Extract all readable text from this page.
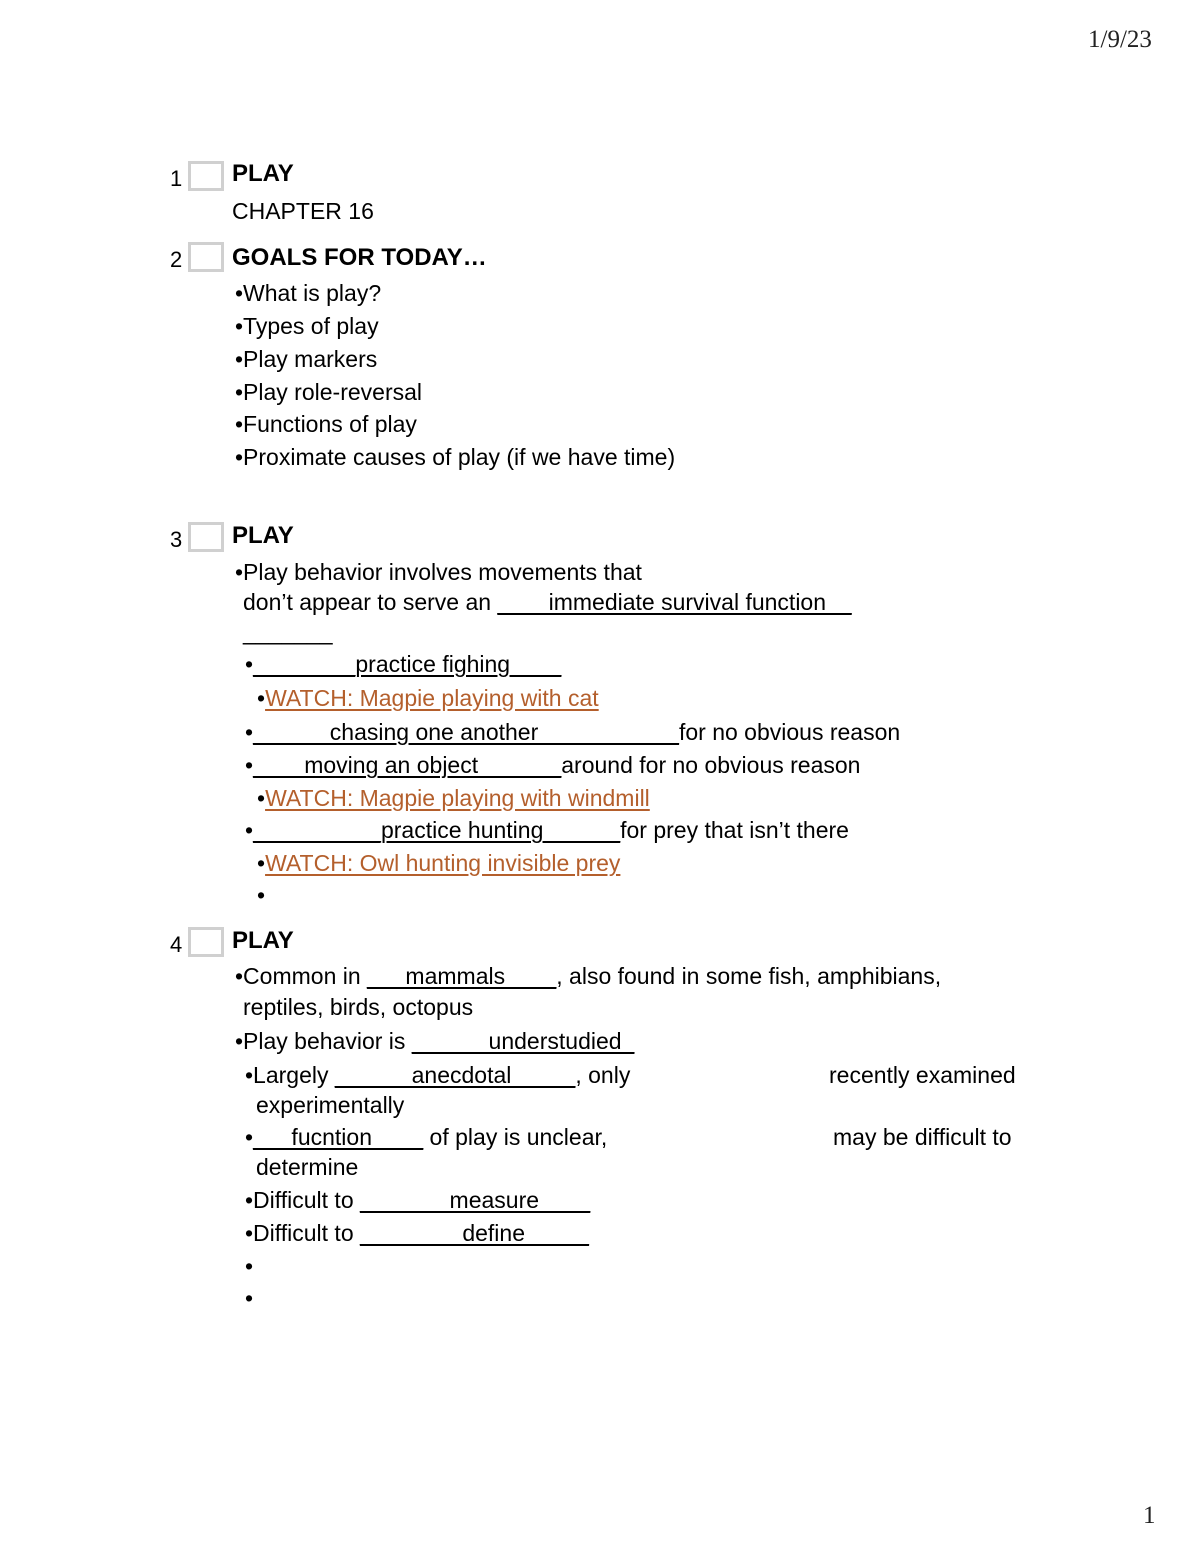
1/9/23
1
1 PLAY
CHAPTER 16
2 GOALS FOR TODAY…
•What is play?
•Types of play
•Play markers
•Play role-reversal
•Functions of play
•Proximate causes of play (if we have time)
3 PLAY
•Play behavior involves movements that
don’t appear to serve an ____immediate survival function__
_______
•________practice fighing____
•WATCH: Magpie playing with cat
•______chasing one another___________for no obvious reason
•____moving an object ______around for no obvious reason
•WATCH: Magpie playing with windmill
•__________practice hunting______for prey that isn’t there
•WATCH: Owl hunting invisible prey
•
4 PLAY
•Common in ___mammals____, also found in some fish, amphibians,
reptiles, birds, octopus
•Play behavior is ______understudied_
•Largely ______anecdotal_____, only	recently examined
experimentally
•___fucntion____ of play is unclear,	may be difficult to
determine
•Difficult to _______measure____
•Difficult to ________define_____
•
•
